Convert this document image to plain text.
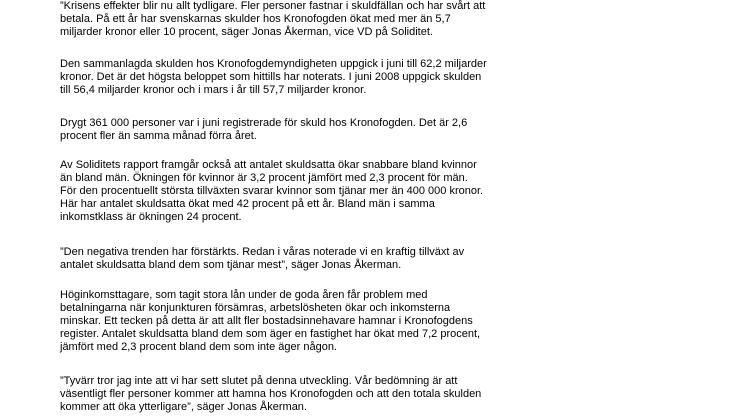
”Krisens effekter blir nu allt tydligare. Fler personer fastnar i skuldfällan och har svårt att
betala. På ett år har svenskarnas skulder hos Kronofogden ökat med mer än 5,7
miljarder kronor eller 10 procent, säger Jonas Åkerman, vice VD på Soliditet.

Den sammanlagda skulden hos Kronofogdemyndigheten uppgick i juni till 62,2 miljarder
kronor. Det är det högsta beloppet som hittills har noterats. I juni 2008 uppgick skulden
till 56,4 miljarder kronor och i mars i år till 57,7 miljarder kronor.

Drygt 361 000 personer var i juni registrerade för skuld hos Kronofogden. Det är 2,6
procent fler än samma månad förra året.

Av Soliditets rapport framgår också att antalet skuldsatta ökar snabbare bland kvinnor
än bland män. Ökningen för kvinnor är 3,2 procent jämfört med 2,3 procent för män.
För den procentuellt största tillväxten svarar kvinnor som tjänar mer än 400 000 kronor.
Här har antalet skuldsatta ökat med 42 procent på ett år. Bland män i samma
inkomstklass är ökningen 24 procent.

”Den negativa trenden har förstärkts. Redan i våras noterade vi en kraftig tillväxt av
antalet skuldsatta bland dem som tjänar mest”, säger Jonas Åkerman.

Höginkomsttagare, som tagit stora lån under de goda åren får problem med
betalningarna när konjunkturen försämras, arbetslösheten ökar och inkomsterna
minskar. Ett tecken på detta är att allt fler bostadsinnehavare hamnar i Kronofogdens
register. Antalet skuldsatta bland dem som äger en fastighet har ökat med 7,2 procent,
jämfört med 2,3 procent bland dem som inte äger någon.

”Tyvärr tror jag inte att vi har sett slutet på denna utveckling. Vår bedömning är att
väsentligt fler personer kommer att hamna hos Kronofogden och att den totala skulden
kommer att öka ytterligare”, säger Jonas Åkerman.
